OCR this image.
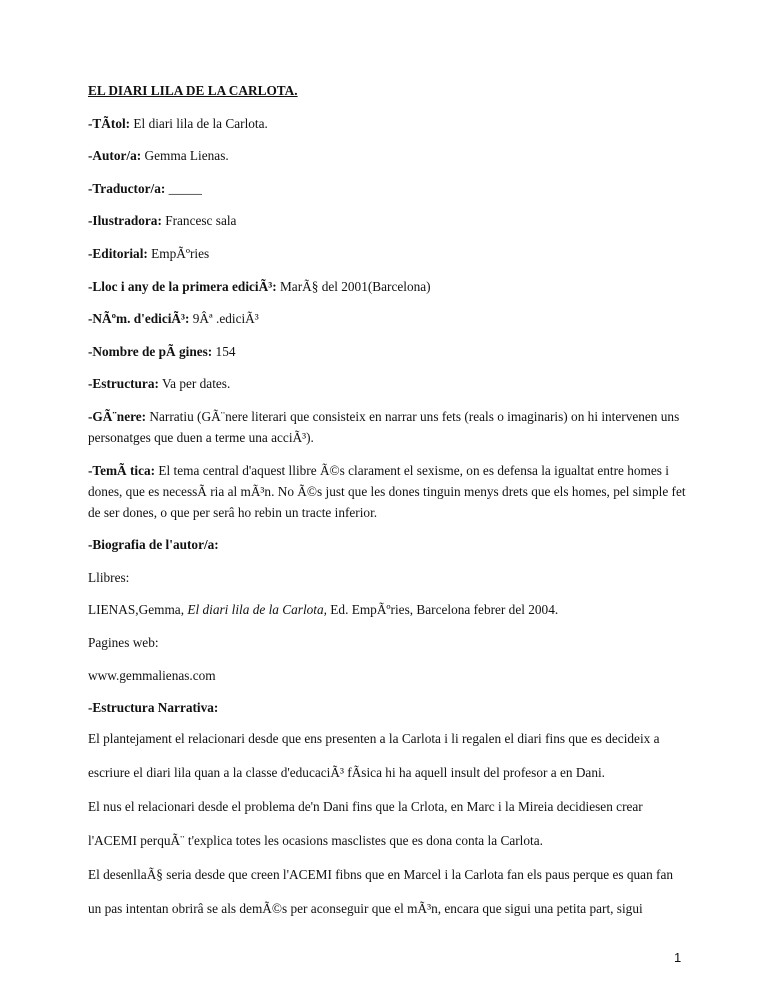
EL DIARI LILA DE LA CARLOTA.

-TÃtol: El diari lila de la Carlota.

-Autor/a: Gemma Lienas.

-Traductor/a: _____

-Ilustradora: Francesc sala

-Editorial: EmpÃºries

-Lloc i any de la primera ediciÃ³: MarÃ§ del 2001(Barcelona)

-NÃºm. d'ediciÃ³: 9Âª .ediciÃ³

-Nombre de pÃ gines: 154

-Estructura: Va per dates.

-GÃ¨nere: Narratiu (GÃ¨nere literari que consisteix en narrar uns fets (reals o imaginaris) on hi intervenen uns personatges que duen a terme una acciÃ³).

-TemÃ tica: El tema central d'aquest llibre Ã©s clarament el sexisme, on es defensa la igualtat entre homes i dones, que es necessÃ ria al mÃ³n. No Ã©s just que les dones tinguin menys drets que els homes, pel simple fet de ser dones, o que per serâ ho rebin un tracte inferior.

-Biografia de l'autor/a:

Llibres:

LIENAS,Gemma, El diari lila de la Carlota, Ed. EmpÃºries, Barcelona febrer del 2004.

Pagines web:

www.gemmalienas.com

-Estructura Narrativa:

El plantejament el relacionari desde que ens presenten a la Carlota i li regalen el diari fins que es decideix a

escriure el diari lila quan a la classe d'educaciÃ³ fÃsica hi ha aquell insult del profesor a en Dani.

El nus el relacionari desde el problema de'n Dani fins que la Crlota, en Marc i la Mireia decidiesen crear

l'ACEMI perquÃ¨ t'explica totes les ocasions masclistes que es dona conta la Carlota.

El desenllaÃ§ seria desde que creen l'ACEMI fibns que en Marcel i la Carlota fan els paus perque es quan fan

un pas intentan obrirâ se als demÃ©s per aconseguir que el mÃ³n, encara que sigui una petita part, sigui

1
